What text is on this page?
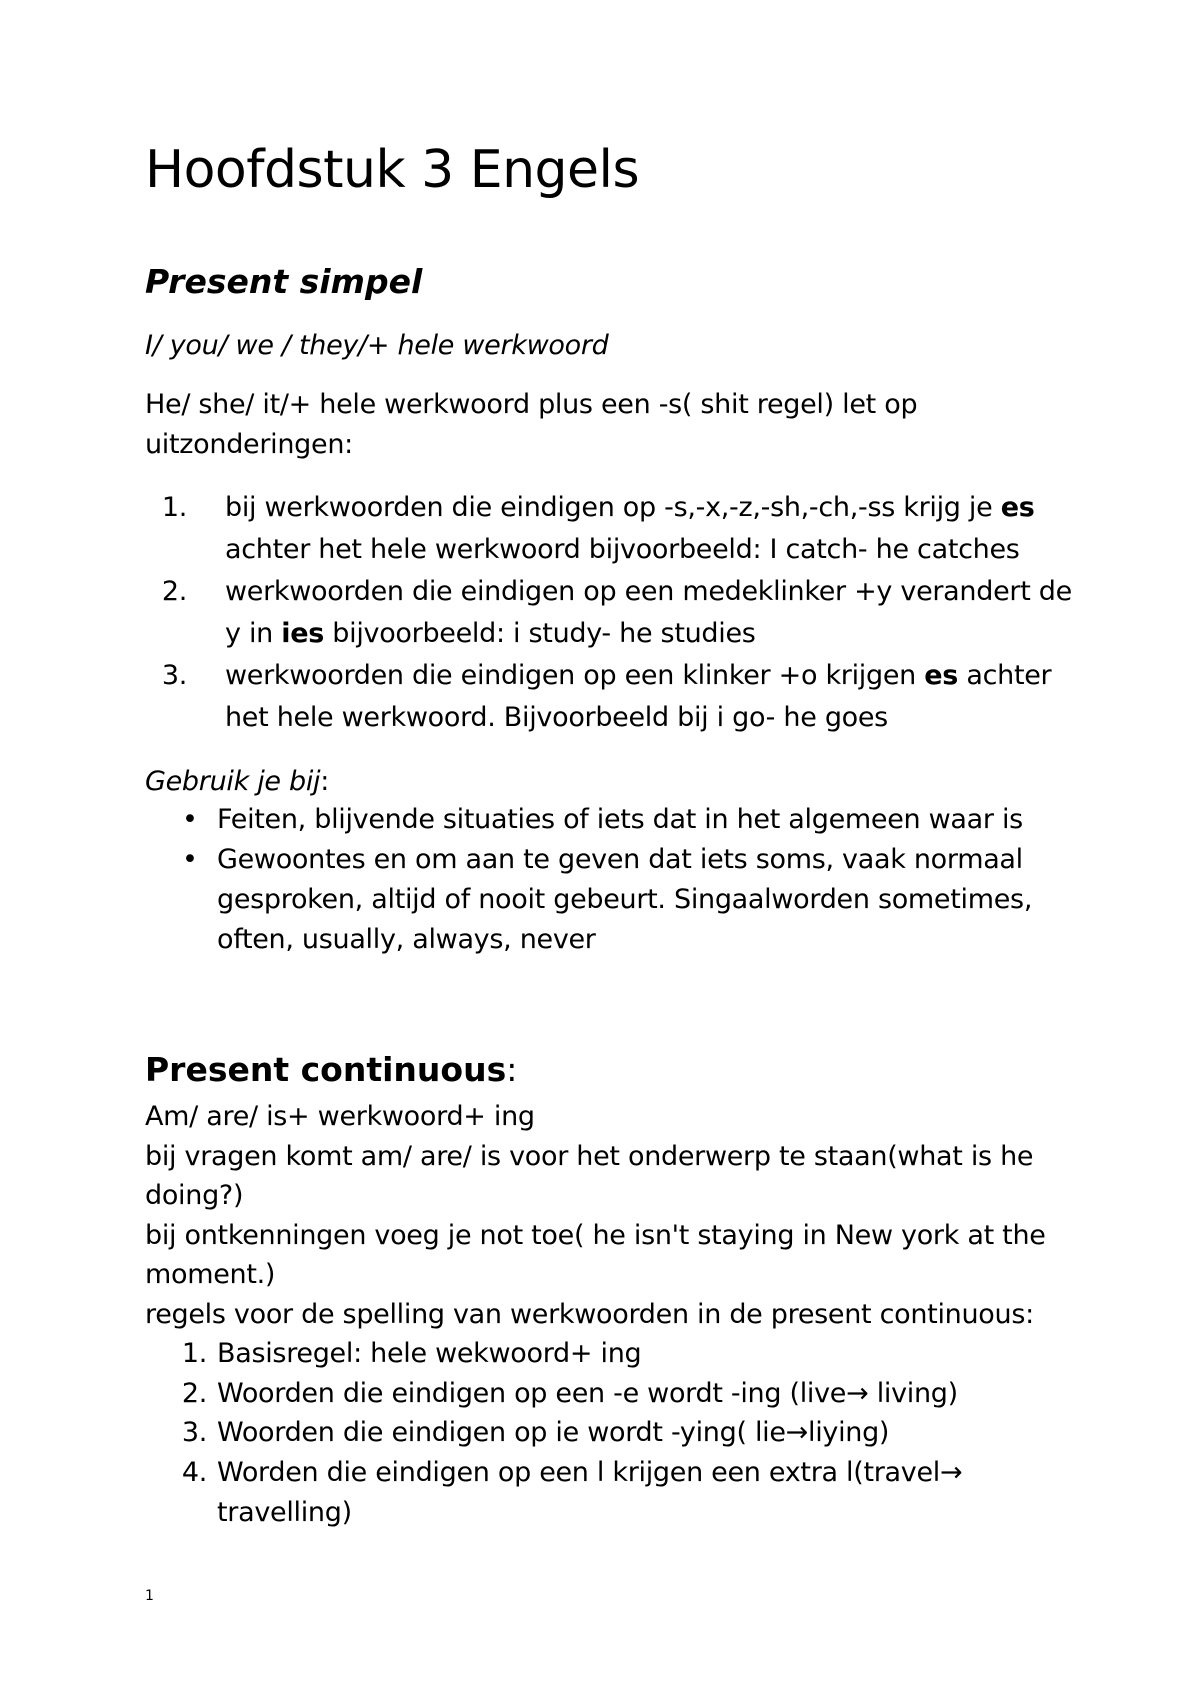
Hoofdstuk 3 Engels
Present simpel

I/ you/ we / they/+ hele werkwoord

He/ she/ it/+ hele werkwoord plus een -s( shit regel) let op

uitzonderingen:

1. bij werkwoorden die eindigen op -s,-x,-z,-sh,-ch,-ss krijg je es
achter het hele werkwoord bijvoorbeeld: I catch- he catches
2. werkwoorden die eindigen op een medeklinker +y verandert de
y in ies bijvoorbeeld: i study- he studies
3. werkwoorden die eindigen op een klinker +o krijgen es achter
het hele werkwoord. Bijvoorbeeld bij i go- he goes

Gebruik je bij:

• Feiten, blijvende situaties of iets dat in het algemeen waar is
• Gewoontes en om aan te geven dat iets soms, vaak normaal
gesproken, altijd of nooit gebeurt. Singaalworden sometimes,
often, usually, always, never
Present continuous:

Am/ are/ is+ werkwoord+ ing

bij vragen komt am/ are/ is voor het onderwerp te staan(what is he

doing?)

bij ontkenningen voeg je not toe( he isn't staying in New york at the

moment.)

regels voor de spelling van werkwoorden in de present continuous:

1. Basisregel: hele wekwoord+ ing
2. Woorden die eindigen op een -e wordt -ing (live→ living)
3. Woorden die eindigen op ie wordt -ying( lie→liying)
4. Worden die eindigen op een l krijgen een extra l(travel→
travelling)
1
